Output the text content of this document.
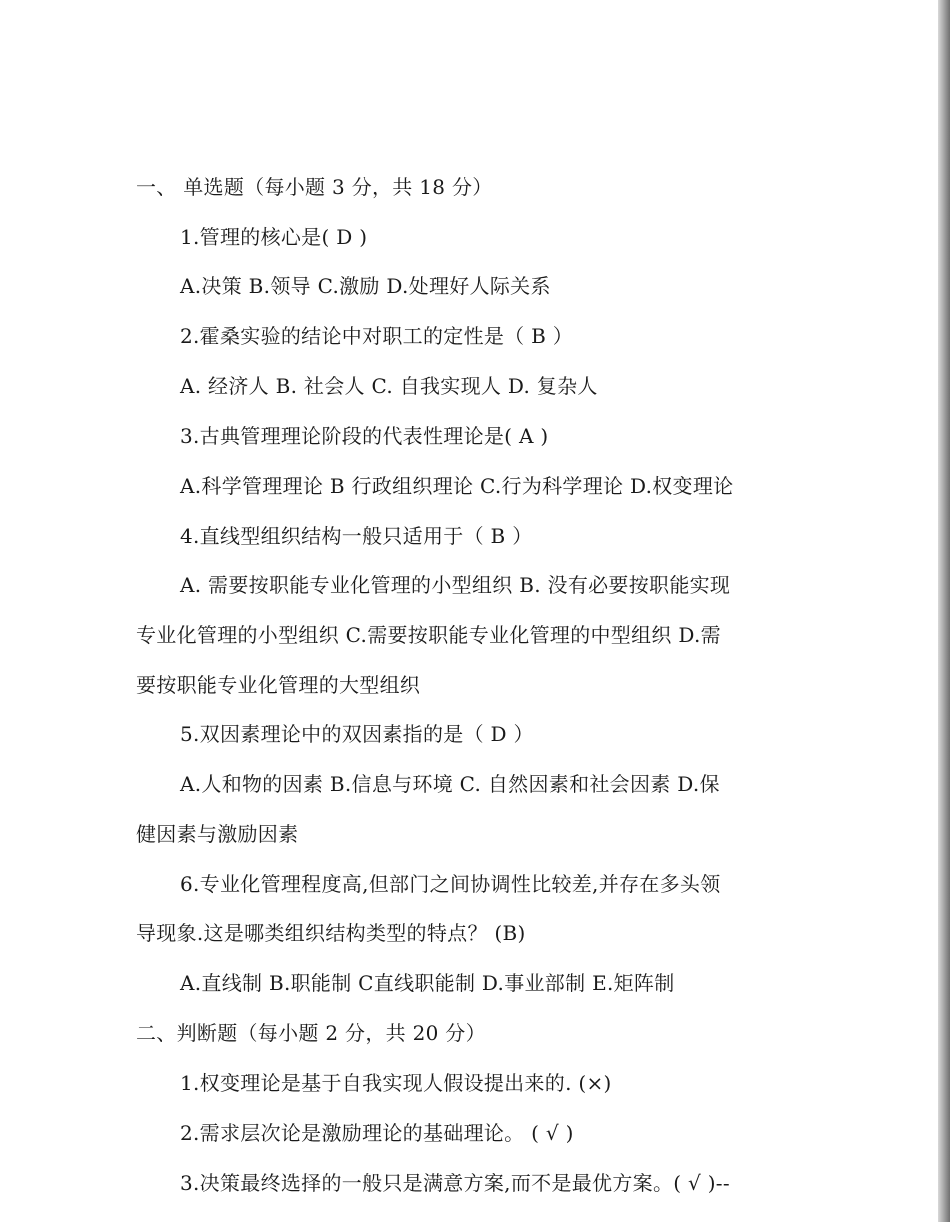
一、 单选题（每小题 3 分，共 18 分）
1.管理的核心是( D )
A.决策 B.领导 C.激励 D.处理好人际关系
2.霍桑实验的结论中对职工的定性是（ B ）
A. 经济人 B. 社会人 C. 自我实现人 D. 复杂人
3.古典管理理论阶段的代表性理论是( A )
A.科学管理理论 B 行政组织理论 C.行为科学理论 D.权变理论
4.直线型组织结构一般只适用于（ B ）
A. 需要按职能专业化管理的小型组织 B. 没有必要按职能实现
专业化管理的小型组织 C.需要按职能专业化管理的中型组织 D.需
要按职能专业化管理的大型组织
5.双因素理论中的双因素指的是（ D ）
A.人和物的因素 B.信息与环境 C. 自然因素和社会因素 D.保
健因素与激励因素
6.专业化管理程度高,但部门之间协调性比较差,并存在多头领
导现象.这是哪类组织结构类型的特点？ (B)
A.直线制 B.职能制 C直线职能制 D.事业部制 E.矩阵制
二、判断题（每小题 2 分，共 20 分）
1.权变理论是基于自我实现人假设提出来的. (×)
2.需求层次论是激励理论的基础理论。 ( √ )
3.决策最终选择的一般只是满意方案,而不是最优方案。( √ )--
